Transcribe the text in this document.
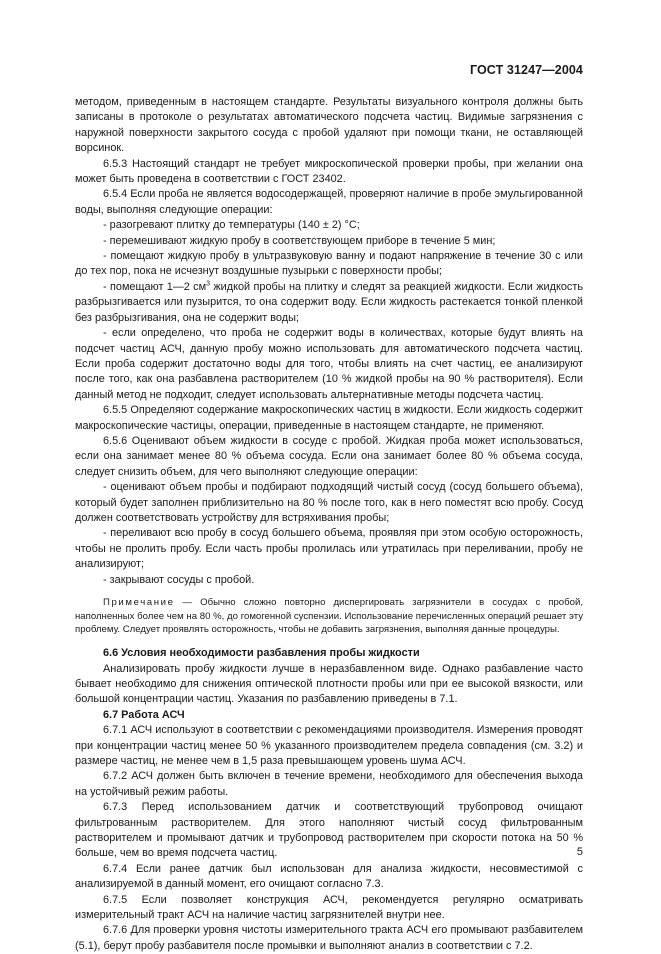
ГОСТ 31247—2004

методом, приведенным в настоящем стандарте. Результаты визуального контроля должны быть записаны в протоколе о результатах автоматического подсчета частиц. Видимые загрязнения с наружной поверхности закрытого сосуда с пробой удаляют при помощи ткани, не оставляющей ворсинок.

6.5.3 Настоящий стандарт не требует микроскопической проверки пробы, при желании она может быть проведена в соответствии с ГОСТ 23402.

6.5.4 Если проба не является водосодержащей, проверяют наличие в пробе эмульгированной воды, выполняя следующие операции:

- разогревают плитку до температуры (140 ± 2) °С;

- перемешивают жидкую пробу в соответствующем приборе в течение 5 мин;

- помещают жидкую пробу в ультразвуковую ванну и подают напряжение в течение 30 с или до тех пор, пока не исчезнут воздушные пузырьки с поверхности пробы;

- помещают 1—2 $см^3$ жидкой пробы на плитку и следят за реакцией жидкости. Если жидкость разбрызгивается или пузырится, то она содержит воду. Если жидкость растекается тонкой пленкой без разбрызгивания, она не содержит воды;

- если определено, что проба не содержит воды в количествах, которые будут влиять на подсчет частиц АСЧ, данную пробу можно использовать для автоматического подсчета частиц. Если проба содержит достаточно воды для того, чтобы влиять на счет частиц, ее анализируют после того, как она разбавлена растворителем (10 % жидкой пробы на 90 % растворителя). Если данный метод не подходит, следует использовать альтернативные методы подсчета частиц.

6.5.5 Определяют содержание макроскопических частиц в жидкости. Если жидкость содержит макроскопические частицы, операции, приведенные в настоящем стандарте, не применяют.

6.5.6 Оценивают объем жидкости в сосуде с пробой. Жидкая проба может использоваться, если она занимает менее 80 % объема сосуда. Если она занимает более 80 % объема сосуда, следует снизить объем, для чего выполняют следующие операции:

- оценивают объем пробы и подбирают подходящий чистый сосуд (сосуд большего объема), который будет заполнен приблизительно на 80 % после того, как в него поместят всю пробу. Сосуд должен соответствовать устройству для встряхивания пробы;

- переливают всю пробу в сосуд большего объема, проявляя при этом особую осторожность, чтобы не пролить пробу. Если часть пробы пролилась или утратилась при переливании, пробу не анализируют;

- закрывают сосуды с пробой.

Примечание — Обычно сложно повторно диспергировать загрязнители в сосудах с пробой, наполненных более чем на 80 %, до гомогенной суспензии. Использование перечисленных операций решает эту проблему. Следует проявлять осторожность, чтобы не добавить загрязнения, выполняя данные процедуры.

6.6 Условия необходимости разбавления пробы жидкости

Анализировать пробу жидкости лучше в неразбавленном виде. Однако разбавление часто бывает необходимо для снижения оптической плотности пробы или при ее высокой вязкости, или большой концентрации частиц. Указания по разбавлению приведены в 7.1.

6.7 Работа АСЧ

6.7.1 АСЧ используют в соответствии с рекомендациями производителя. Измерения проводят при концентрации частиц менее 50 % указанного производителем предела совпадения (см. 3.2) и размере частиц, не менее чем в 1,5 раза превышающем уровень шума АСЧ.

6.7.2 АСЧ должен быть включен в течение времени, необходимого для обеспечения выхода на устойчивый режим работы.

6.7.3 Перед использованием датчик и соответствующий трубопровод очищают фильтрованным растворителем. Для этого наполняют чистый сосуд фильтрованным растворителем и промывают датчик и трубопровод растворителем при скорости потока на 50 % больше, чем во время подсчета частиц.

6.7.4 Если ранее датчик был использован для анализа жидкости, несовместимой с анализируемой в данный момент, его очищают согласно 7.3.

6.7.5 Если позволяет конструкция АСЧ, рекомендуется регулярно осматривать измерительный тракт АСЧ на наличие частиц загрязнителей внутри нее.

6.7.6 Для проверки уровня чистоты измерительного тракта АСЧ его промывают разбавителем (5.1), берут пробу разбавителя после промывки и выполняют анализ в соответствии с 7.2.

5
